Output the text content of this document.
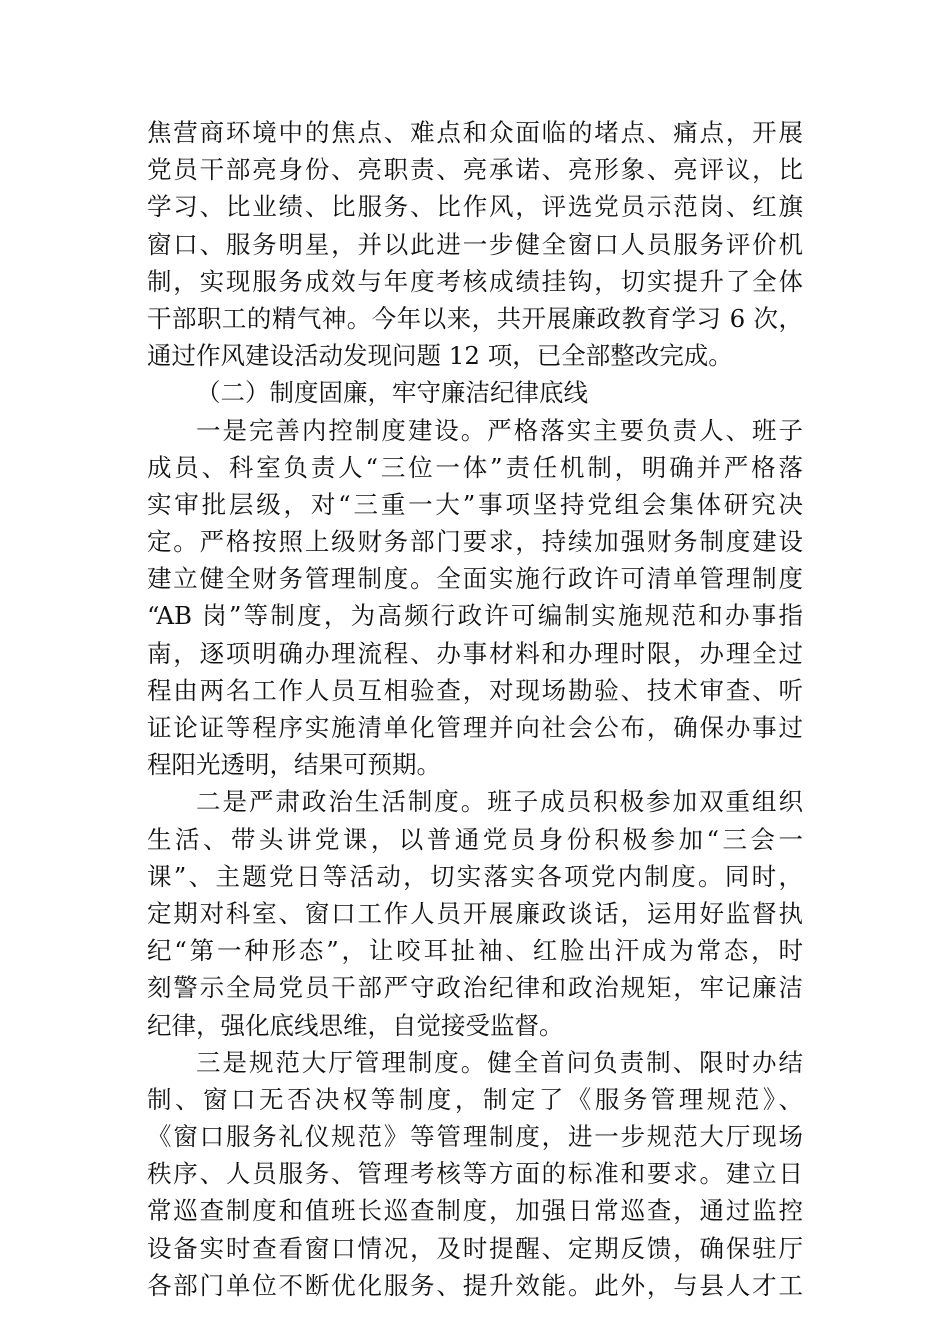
焦营商环境中的焦点、难点和众面临的堵点、痛点，开展
党员干部亮身份、亮职责、亮承诺、亮形象、亮评议，比
学习、比业绩、比服务、比作风，评选党员示范岗、红旗
窗口、服务明星，并以此进一步健全窗口人员服务评价机
制，实现服务成效与年度考核成绩挂钩，切实提升了全体
干部职工的精气神。今年以来，共开展廉政教育学习 6 次，
通过作风建设活动发现问题 12 项，已全部整改完成。
（二）制度固廉，牢守廉洁纪律底线
一是完善内控制度建设。严格落实主要负责人、班子
成员、科室负责人“三位一体”责任机制，明确并严格落
实审批层级，对“三重一大”事项坚持党组会集体研究决
定。严格按照上级财务部门要求，持续加强财务制度建设
建立健全财务管理制度。全面实施行政许可清单管理制度
“AB 岗”等制度，为高频行政许可编制实施规范和办事指
南，逐项明确办理流程、办事材料和办理时限，办理全过
程由两名工作人员互相验查，对现场勘验、技术审查、听
证论证等程序实施清单化管理并向社会公布，确保办事过
程阳光透明，结果可预期。
二是严肃政治生活制度。班子成员积极参加双重组织
生活、带头讲党课，以普通党员身份积极参加“三会一
课”、主题党日等活动，切实落实各项党内制度。同时，
定期对科室、窗口工作人员开展廉政谈话，运用好监督执
纪“第一种形态”，让咬耳扯袖、红脸出汗成为常态，时
刻警示全局党员干部严守政治纪律和政治规矩，牢记廉洁
纪律，强化底线思维，自觉接受监督。
三是规范大厅管理制度。健全首问负责制、限时办结
制、窗口无否决权等制度，制定了《服务管理规范》、
《窗口服务礼仪规范》等管理制度，进一步规范大厅现场
秩序、人员服务、管理考核等方面的标准和要求。建立日
常巡查制度和值班长巡查制度，加强日常巡查，通过监控
设备实时查看窗口情况，及时提醒、定期反馈，确保驻厅
各部门单位不断优化服务、提升效能。此外，与县人才工
